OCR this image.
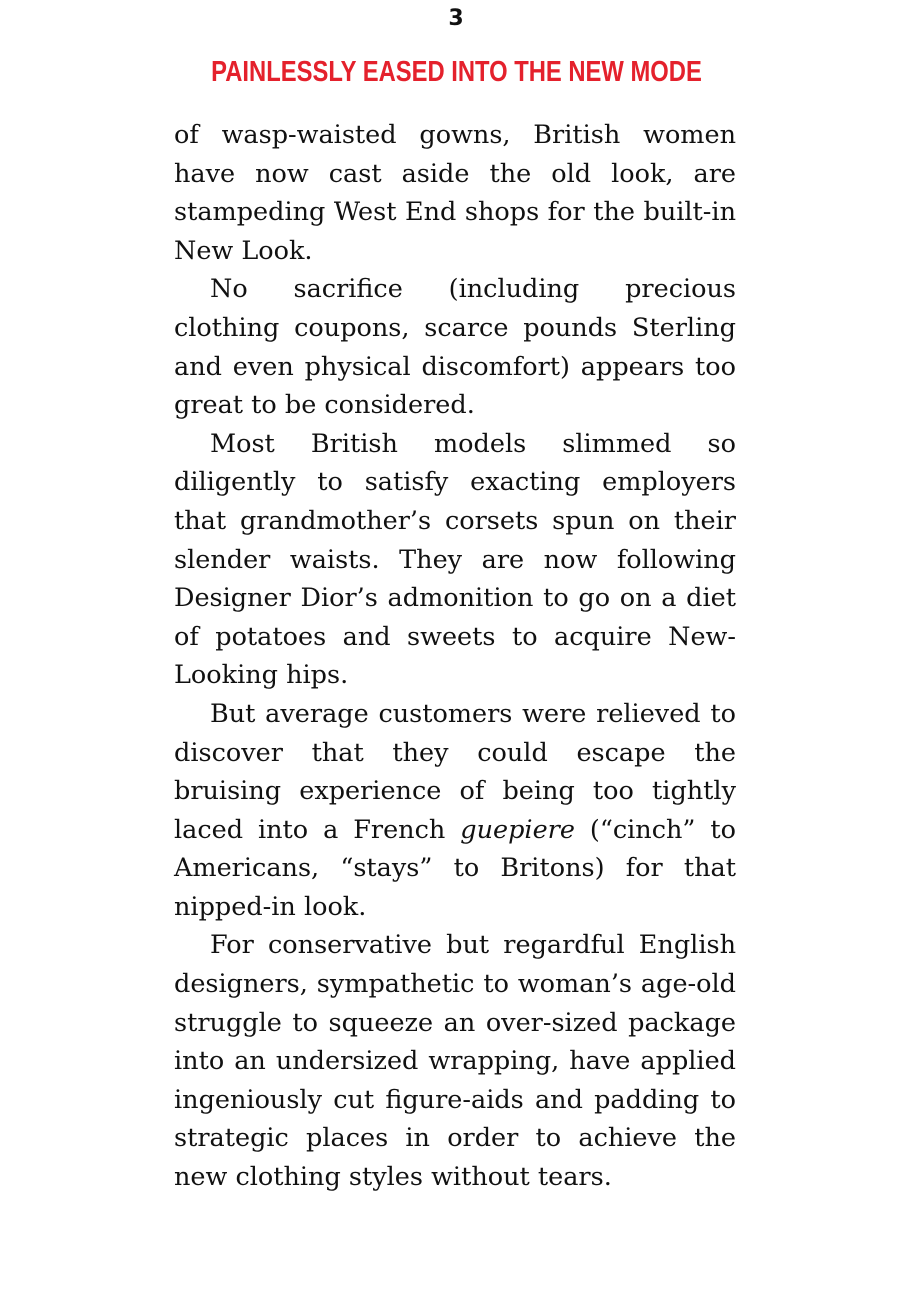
3
PAINLESSLY EASED INTO THE NEW MODE

of wasp-waisted gowns, British women have now cast aside the old look, are stampeding West End shops for the built-in New Look.

No sacrifice (including precious clothing coupons, scarce pounds Sterling and even physical discomfort) appears too great to be considered.

Most British models slimmed so diligently to satisfy exacting employers that grandmother’s corsets spun on their slender waists. They are now following Designer Dior’s admonition to go on a diet of potatoes and sweets to acquire New-Looking hips.

But average customers were relieved to discover that they could escape the bruising experience of being too tightly laced into a French guepiere (“cinch” to Americans, “stays” to Britons) for that nipped-in look.

For conservative but regardful English designers, sympathetic to woman’s age-old struggle to squeeze an over-sized package into an undersized wrapping, have applied ingeniously cut figure-aids and padding to strategic places in order to achieve the new clothing styles without tears.
